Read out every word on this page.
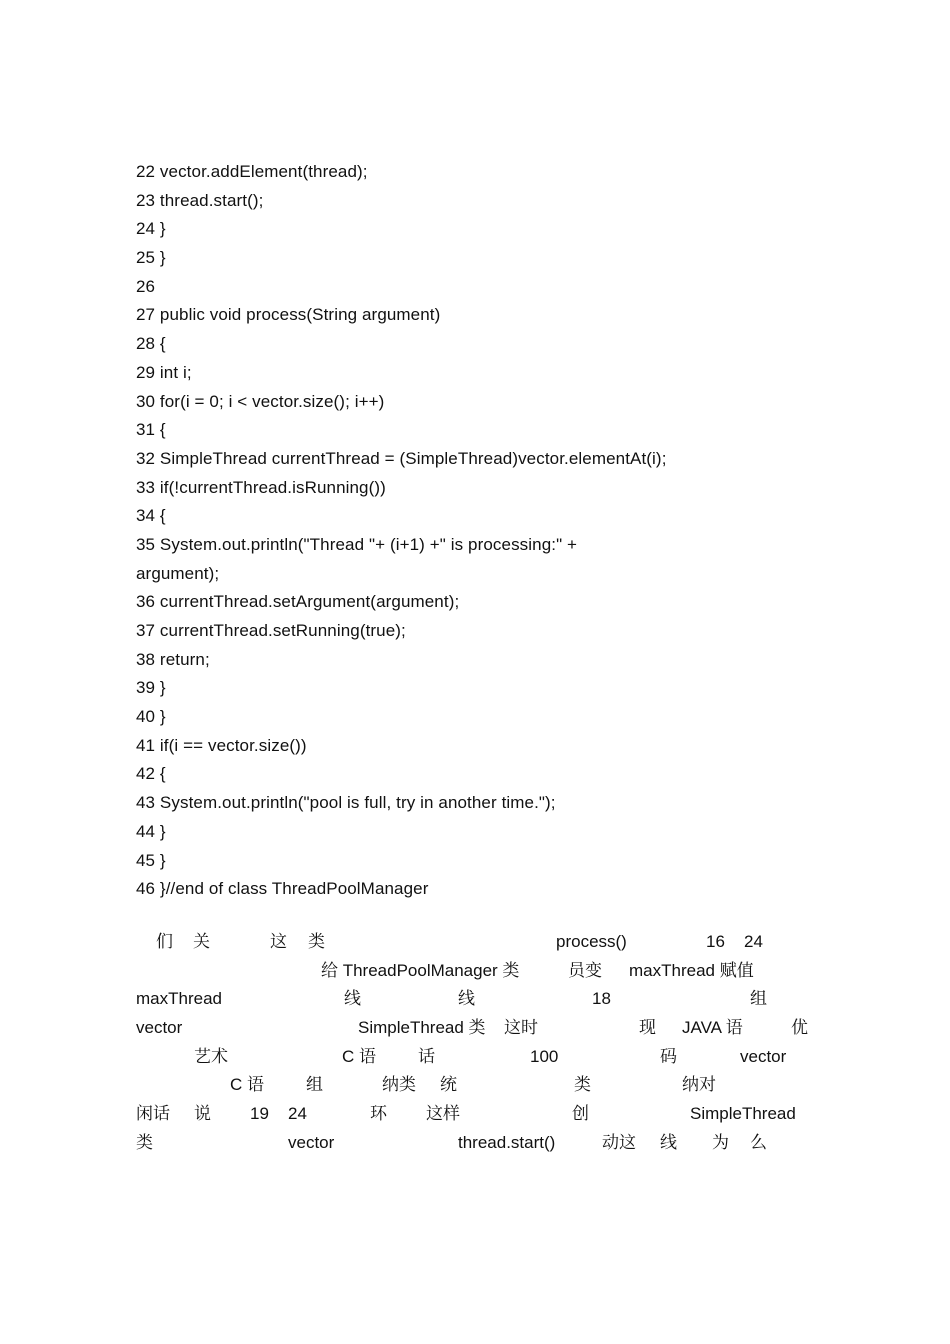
22 vector.addElement(thread);
23 thread.start();
24 }
25 }
26
27 public void process(String argument)
28 {
29 int i;
30 for(i = 0; i < vector.size(); i++)
31 {
32 SimpleThread currentThread = (SimpleThread)vector.elementAt(i);
33 if(!currentThread.isRunning())
34 {
35 System.out.println("Thread "+ (i+1) +" is processing:" +
argument);
36 currentThread.setArgument(argument);
37 currentThread.setRunning(true);
38 return;
39 }
40 }
41 if(i == vector.size())
42 {
43 System.out.println("pool is full, try in another time.");
44 }
45 }
46 }//end of class ThreadPoolManager
们 关	这 类	process()	16 24
给 ThreadPoolManager 类	员变 maxThread 赋值
maxThread	线	线	18	组
vector	SimpleThread 类 这时	现 JAVA 语	优
艺术	C 语 话	100	码	vector
C 语 组	纳类 统	类	纳对
闲话 说 19 24	环 这样	创	SimpleThread
类	vector	thread.start()	动这 线 为 么
